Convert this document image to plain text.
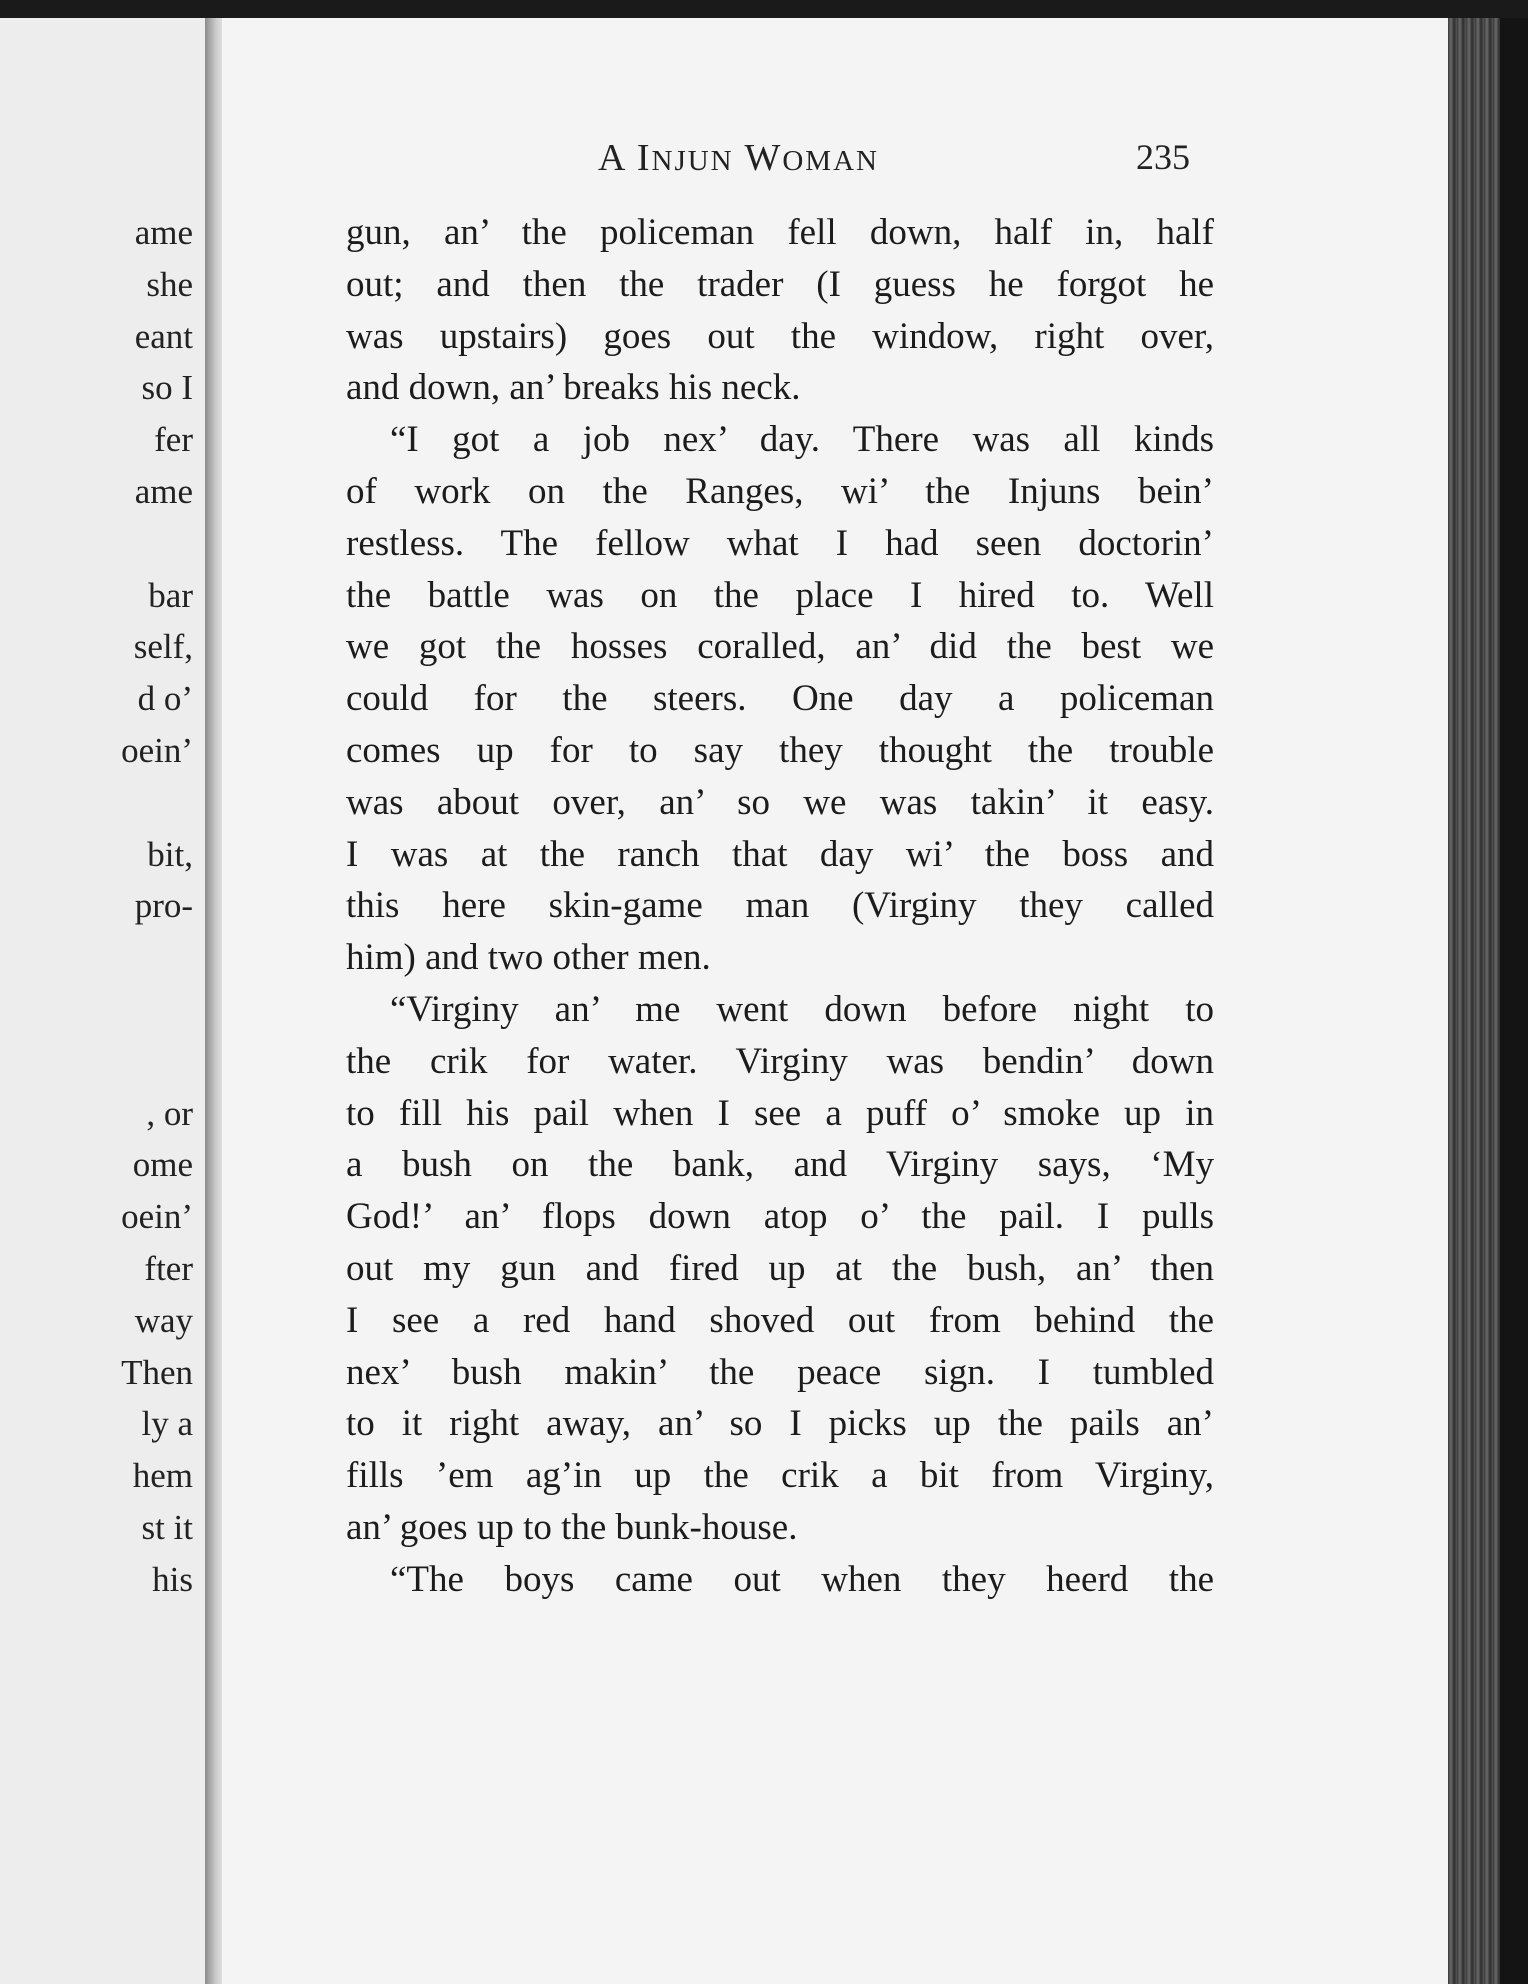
ame
she
eant
so I
fer
ame
bar
self,
d o’
oein’
bit,
pro-
, or
ome
oein’
fter
way
Then
ly a
hem
st it
his
A INJUN WOMAN	235
gun, an’ the policeman fell down, half in, half
out; and then the trader (I guess he forgot he
was upstairs) goes out the window, right over,
and down, an’ breaks his neck.
“I got a job nex’ day. There was all kinds
of work on the Ranges, wi’ the Injuns bein’
restless. The fellow what I had seen doctorin’
the battle was on the place I hired to. Well
we got the hosses coralled, an’ did the best we
could for the steers. One day a policeman
comes up for to say they thought the trouble
was about over, an’ so we was takin’ it easy.
I was at the ranch that day wi’ the boss and
this here skin-game man (Virginy they called
him) and two other men.
“Virginy an’ me went down before night to
the crik for water. Virginy was bendin’ down
to fill his pail when I see a puff o’ smoke up in
a bush on the bank, and Virginy says, ‘My
God!’ an’ flops down atop o’ the pail. I pulls
out my gun and fired up at the bush, an’ then
I see a red hand shoved out from behind the
nex’ bush makin’ the peace sign. I tumbled
to it right away, an’ so I picks up the pails an’
fills ’em ag’in up the crik a bit from Virginy,
an’ goes up to the bunk-house.
“The boys came out when they heerd the
